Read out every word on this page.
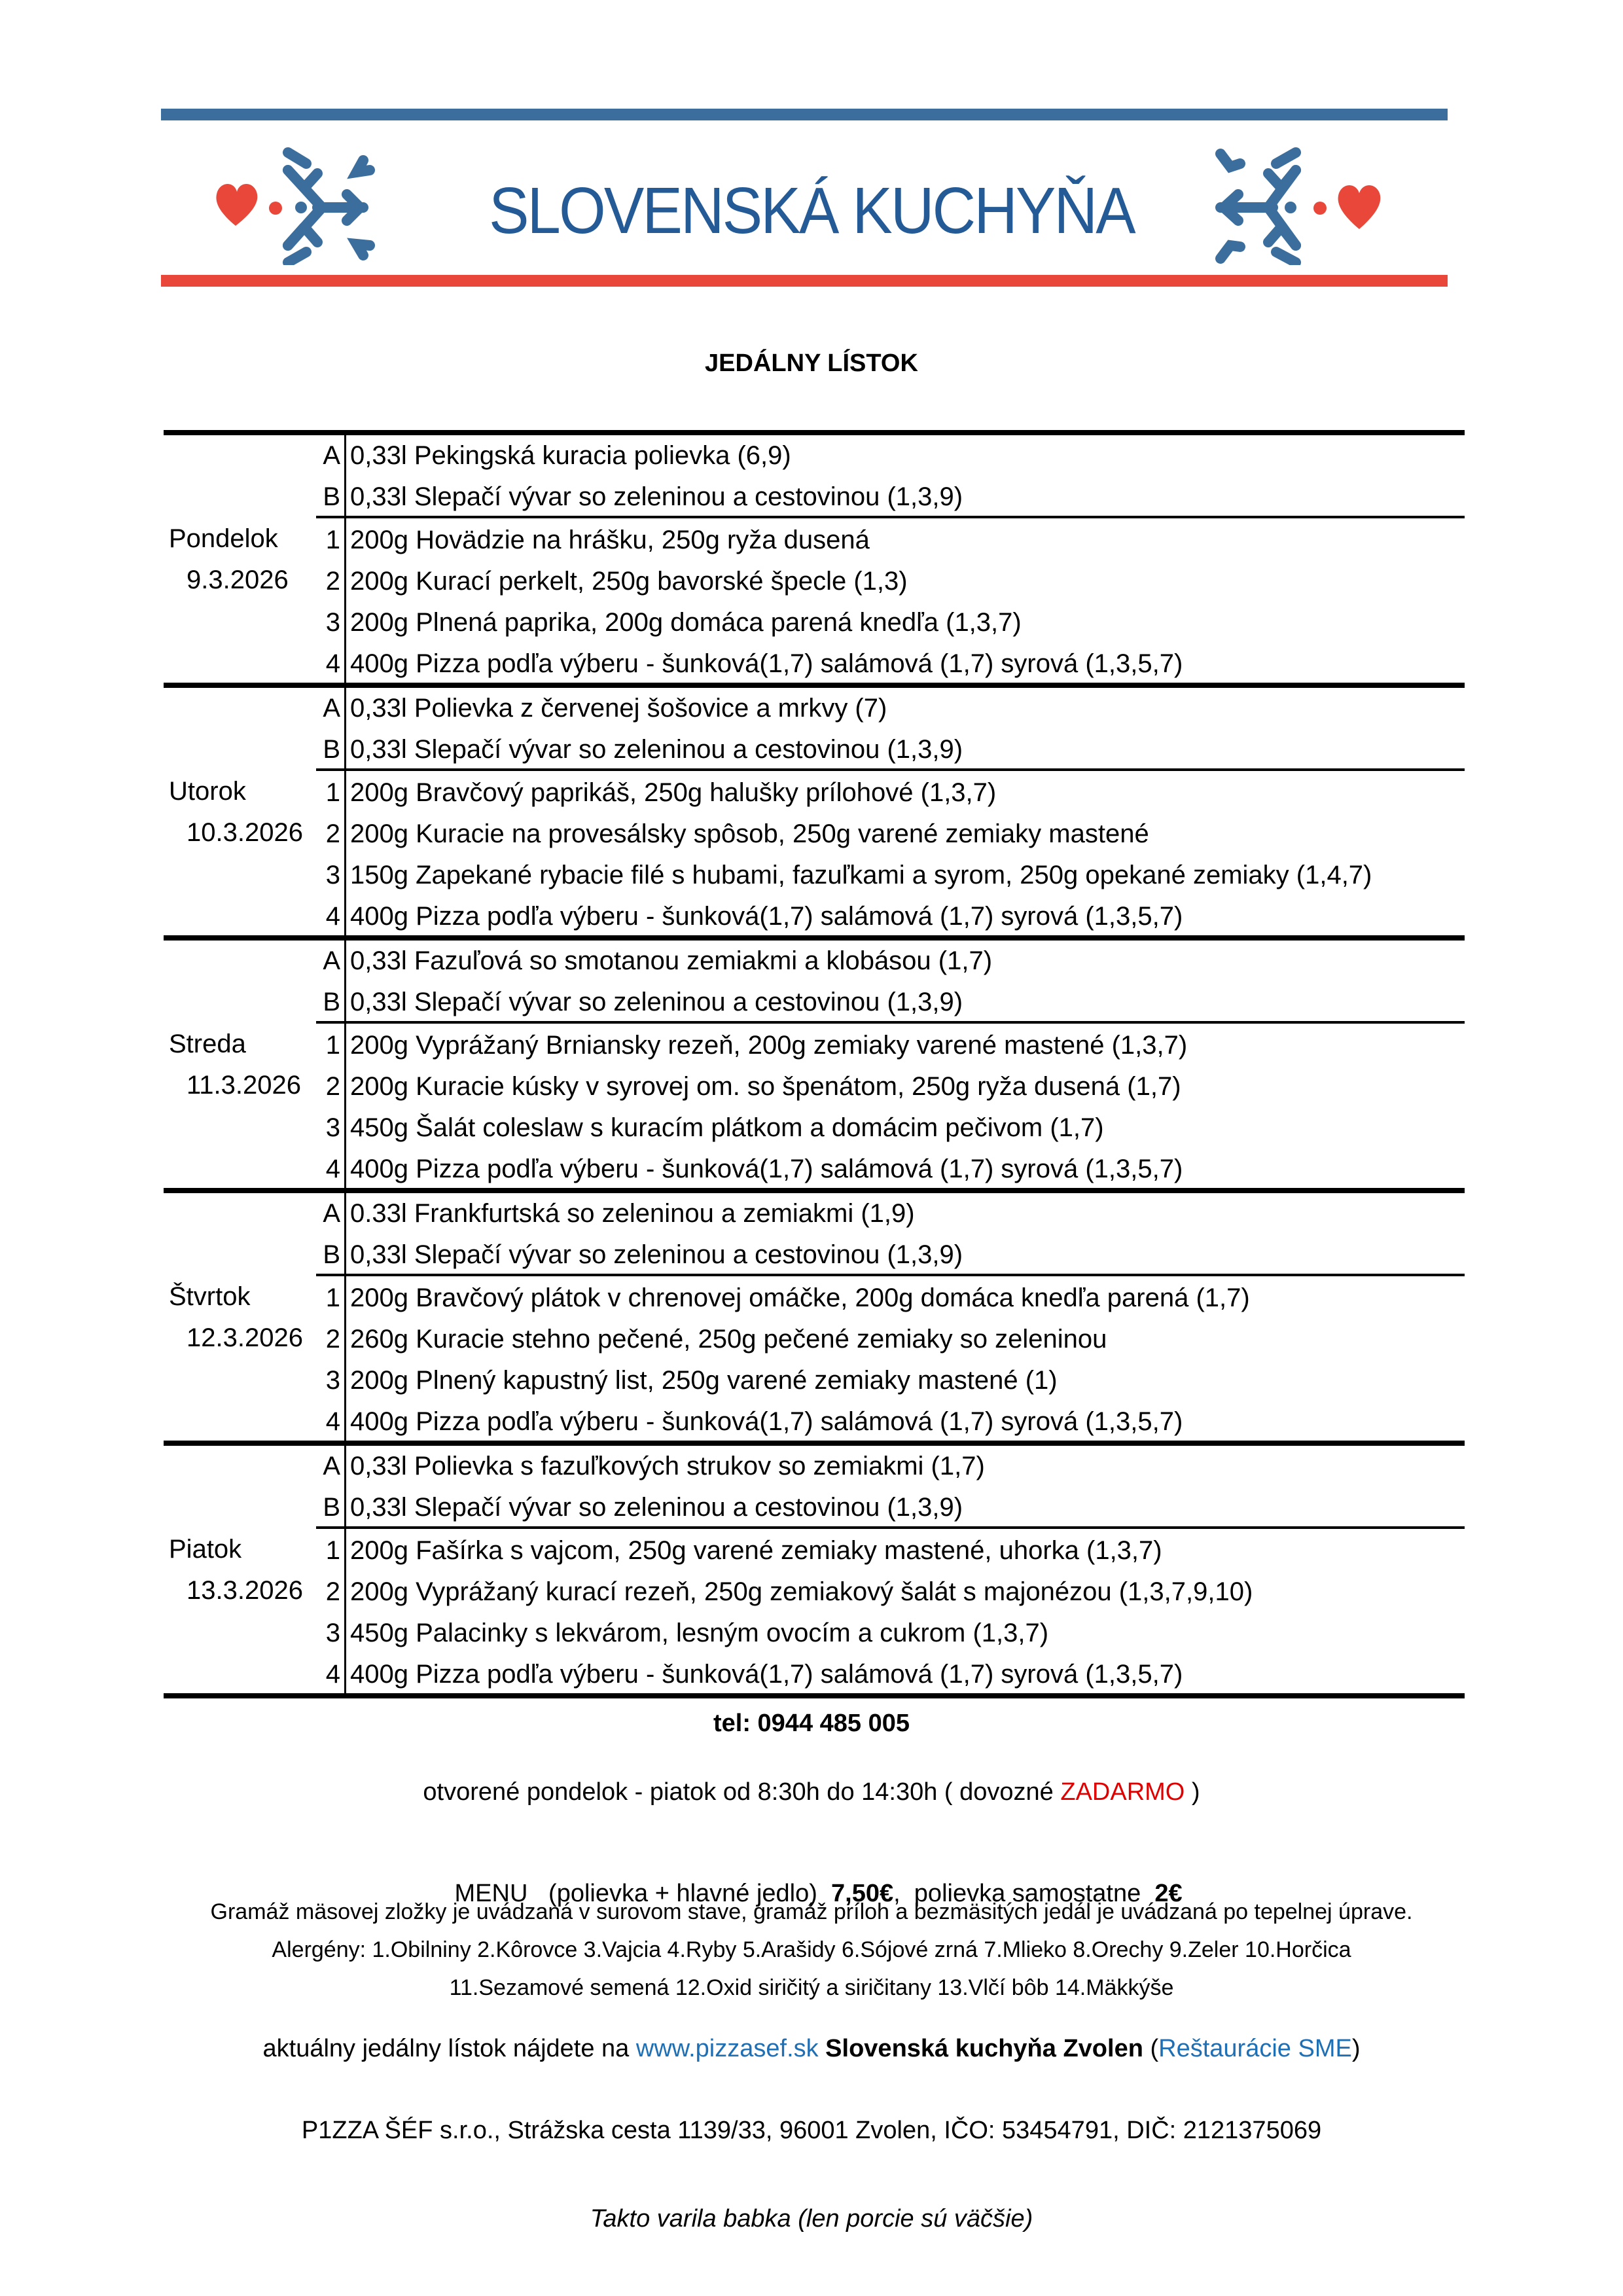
SLOVENSKÁ KUCHYŇA
JEDÁLNY LÍSTOK
Pondelok
9.3.2026
A 0,33l Pekingská kuracia polievka (6,9)
B 0,33l Slepačí vývar so zeleninou a cestovinou (1,3,9)
1 200g Hovädzie na hrášku, 250g ryža dusená
2 200g Kurací perkelt, 250g bavorské špecle (1,3)
3 200g Plnená paprika, 200g domáca parená knedľa (1,3,7)
4 400g Pizza podľa výberu - šunková(1,7) salámová (1,7) syrová (1,3,5,7)
Utorok
10.3.2026
A 0,33l Polievka z červenej šošovice a mrkvy (7)
B 0,33l Slepačí vývar so zeleninou a cestovinou (1,3,9)
1 200g Bravčový paprikáš, 250g halušky prílohové (1,3,7)
2 200g Kuracie na provesálsky spôsob, 250g varené zemiaky mastené
3 150g Zapekané rybacie filé s hubami, fazuľkami a syrom, 250g opekané zemiaky (1,4,7)
4 400g Pizza podľa výberu - šunková(1,7) salámová (1,7) syrová (1,3,5,7)
Streda
11.3.2026
A 0,33l Fazuľová so smotanou zemiakmi a klobásou (1,7)
B 0,33l Slepačí vývar so zeleninou a cestovinou (1,3,9)
1 200g Vyprážaný Brniansky rezeň, 200g zemiaky varené mastené (1,3,7)
2 200g Kuracie kúsky v syrovej om. so špenátom, 250g ryža dusená (1,7)
3 450g Šalát coleslaw s kuracím plátkom a domácim pečivom (1,7)
4 400g Pizza podľa výberu - šunková(1,7) salámová (1,7) syrová (1,3,5,7)
Štvrtok
12.3.2026
A 0.33l Frankfurtská so zeleninou a zemiakmi (1,9)
B 0,33l Slepačí vývar so zeleninou a cestovinou (1,3,9)
1 200g Bravčový plátok v chrenovej omáčke, 200g domáca knedľa parená (1,7)
2 260g Kuracie stehno pečené, 250g pečené zemiaky so zeleninou
3 200g Plnený kapustný list, 250g varené zemiaky mastené (1)
4 400g Pizza podľa výberu - šunková(1,7) salámová (1,7) syrová (1,3,5,7)
Piatok
13.3.2026
A 0,33l Polievka s fazuľkových strukov so zemiakmi (1,7)
B 0,33l Slepačí vývar so zeleninou a cestovinou (1,3,9)
1 200g Fašírka s vajcom, 250g varené zemiaky mastené, uhorka (1,3,7)
2 200g Vyprážaný kurací rezeň, 250g zemiakový šalát s majonézou (1,3,7,9,10)
3 450g Palacinky s lekvárom, lesným ovocím a cukrom (1,3,7)
4 400g Pizza podľa výberu - šunková(1,7) salámová (1,7) syrová (1,3,5,7)
tel: 0944 485 005
otvorené pondelok - piatok od 8:30h do 14:30h ( dovozné ZADARMO )

MENU   (polievka + hlavné jedlo)  7,50€,  polievka samostatne  2€

Gramáž mäsovej zložky je uvádzaná v surovom stave, gramáž príloh a bezmäsitých jedál je uvádzaná po tepelnej úprave.
Alergény: 1.Obilniny 2.Kôrovce 3.Vajcia 4.Ryby 5.Arašidy 6.Sójové zrná 7.Mlieko 8.Orechy 9.Zeler 10.Horčica
11.Sezamové semená 12.Oxid siričitý a siričitany 13.Vlčí bôb 14.Mäkkýše
aktuálny jedálny lístok nájdete na www.pizzasef.sk Slovenská kuchyňa Zvolen (Reštaurácie SME)
P1ZZA ŠÉF s.r.o., Strážska cesta 1139/33, 96001 Zvolen, IČO: 53454791, DIČ: 2121375069
Takto varila babka (len porcie sú väčšie)
